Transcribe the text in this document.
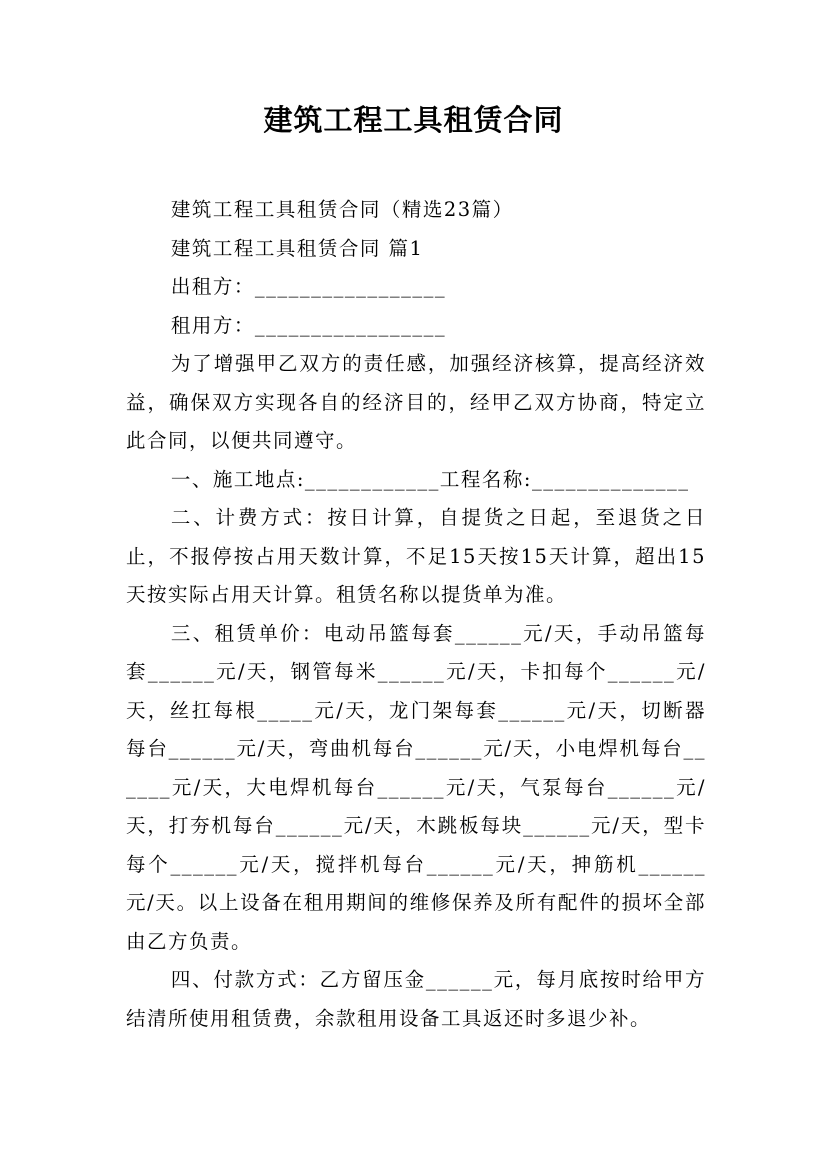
建筑工程工具租赁合同

建筑工程工具租赁合同（精选23篇）

建筑工程工具租赁合同 篇1

出租方：_________________

租用方：_________________

为了增强甲乙双方的责任感，加强经济核算，提高经济效益，确保双方实现各自的经济目的，经甲乙双方协商，特定立此合同，以便共同遵守。

一、施工地点:____________工程名称:______________

二、计费方式：按日计算，自提货之日起，至退货之日止，不报停按占用天数计算，不足15天按15天计算，超出15天按实际占用天计算。租赁名称以提货单为准。

三、租赁单价：电动吊篮每套______元/天，手动吊篮每套______元/天，钢管每米______元/天，卡扣每个______元/天，丝扛每根_____元/天，龙门架每套______元/天，切断器每台______元/天，弯曲机每台______元/天，小电焊机每台______元/天，大电焊机每台______元/天，气泵每台______元/天，打夯机每台______元/天，木跳板每块______元/天，型卡每个______元/天，搅拌机每台______元/天，抻筋机______元/天。以上设备在租用期间的维修保养及所有配件的损坏全部由乙方负责。

四、付款方式：乙方留压金______元，每月底按时给甲方结清所使用租赁费，余款租用设备工具返还时多退少补。
